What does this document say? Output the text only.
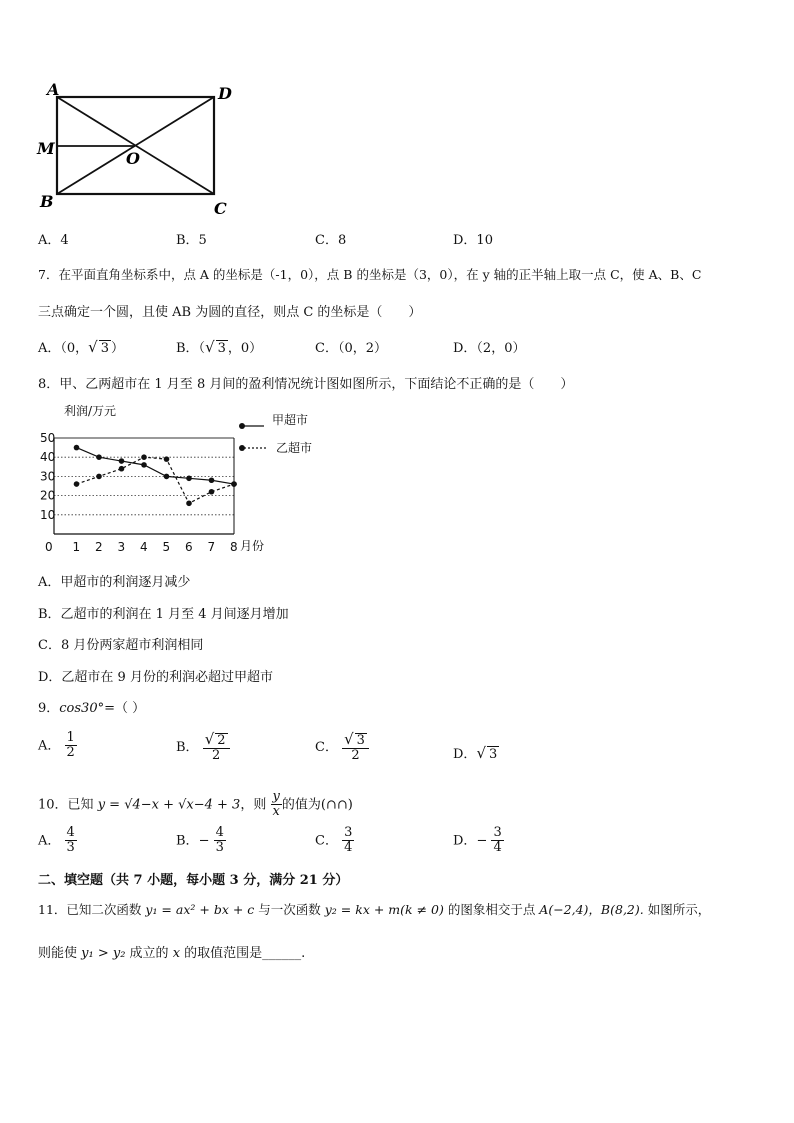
A	D
M
O
B	C
A．4	B．5	C．8	D．10
7．在平面直角坐标系中，点 A 的坐标是（-1，0），点 B 的坐标是（3，0），在 y 轴的正半轴上取一点 C，使 A、B、C
三点确定一个圆，且使 AB 为圆的直径，则点 C 的坐标是（　　）
A．（0，√ 3 ）	B．（√ 3 ，0）	C．（0，2）	D．（2，0）
8．甲、乙两超市在 1 月至 8 月间的盈利情况统计图如图所示，下面结论不正确的是（　　）
利润/万元
10
20
30
40
50
0 1 2 3 4 5 6 7 8 月份
甲超市
乙超市
A．甲超市的利润逐月减少
B．乙超市的利润在 1 月至 4 月间逐月增加
C．8 月份两家超市利润相同
D．乙超市在 9 月份的利润必超过甲超市
9．cos30°=（ ）
A． $\frac{1}{2}$	B． $\frac{√ 2}{2}$	C． $\frac{√ 3}{2}$	D．√ 3
10．已知 y = √4−x + √x−4 + 3，则 $\frac{y}{x}$ 的值为(∩∩)
A． $\frac{4}{3}$	B．− $\frac{4}{3}$	C． $\frac{3}{4}$	D．− $\frac{3}{4}$
二、填空题（共 7 小题，每小题 3 分，满分 21 分）
11．已知二次函数 y₁ = ax² + bx + c 与一次函数 y₂ = kx + m(k ≠ 0) 的图象相交于点 A(−2,4)，B(8,2). 如图所示，
则能使 y₁ > y₂ 成立的 x 的取值范围是______.
